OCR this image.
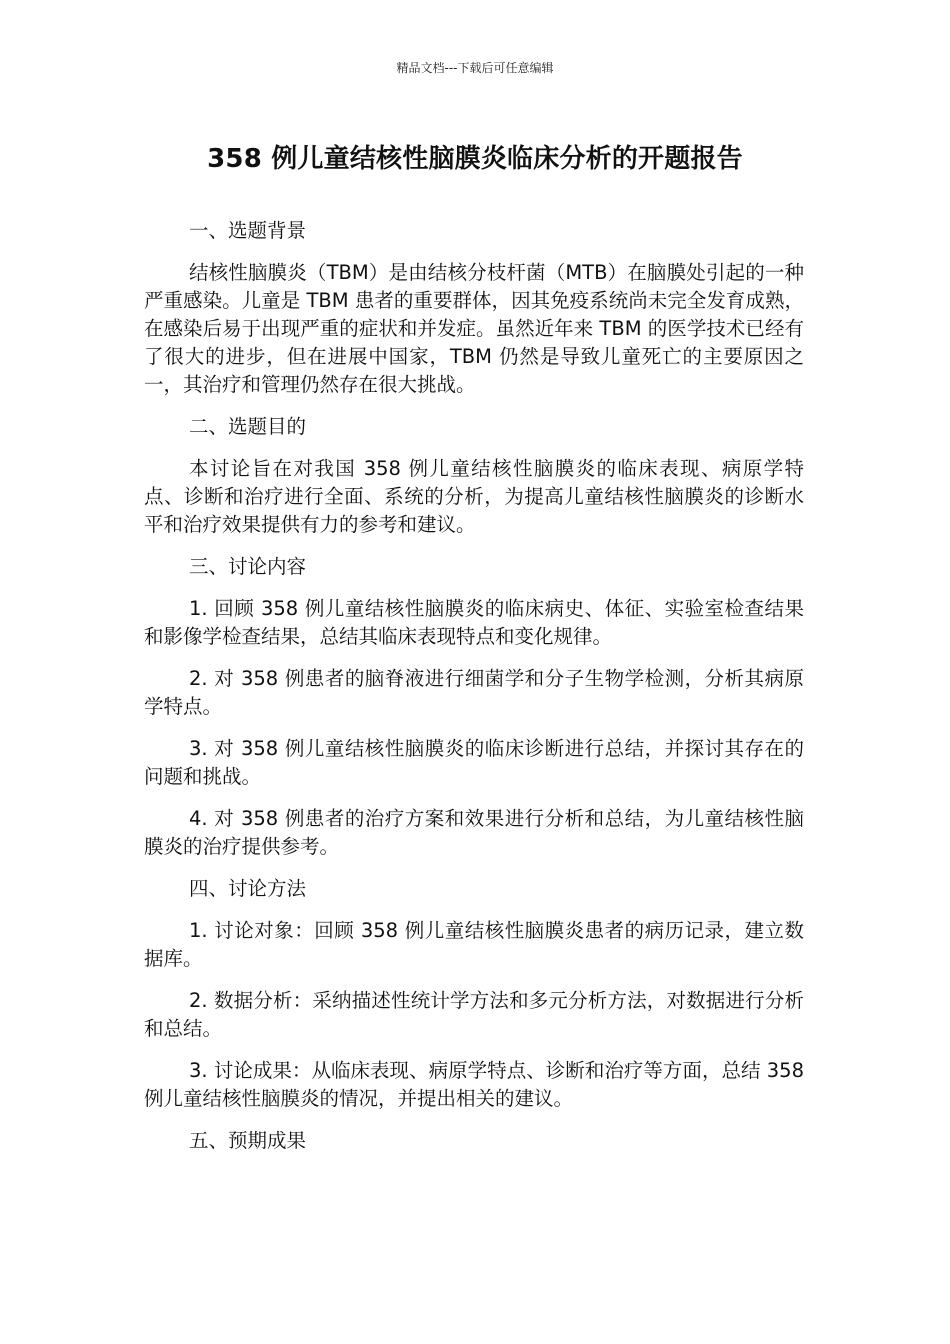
精品文档---下载后可任意编辑
358 例儿童结核性脑膜炎临床分析的开题报告

一、选题背景

结核性脑膜炎（TBM）是由结核分枝杆菌（MTB）在脑膜处引起的一种严重感染。儿童是 TBM 患者的重要群体，因其免疫系统尚未完全发育成熟，在感染后易于出现严重的症状和并发症。虽然近年来 TBM 的医学技术已经有了很大的进步，但在进展中国家，TBM 仍然是导致儿童死亡的主要原因之一，其治疗和管理仍然存在很大挑战。

二、选题目的

本讨论旨在对我国 358 例儿童结核性脑膜炎的临床表现、病原学特点、诊断和治疗进行全面、系统的分析，为提高儿童结核性脑膜炎的诊断水平和治疗效果提供有力的参考和建议。

三、讨论内容

1. 回顾 358 例儿童结核性脑膜炎的临床病史、体征、实验室检查结果和影像学检查结果，总结其临床表现特点和变化规律。

2. 对 358 例患者的脑脊液进行细菌学和分子生物学检测，分析其病原学特点。

3. 对 358 例儿童结核性脑膜炎的临床诊断进行总结，并探讨其存在的问题和挑战。

4. 对 358 例患者的治疗方案和效果进行分析和总结，为儿童结核性脑膜炎的治疗提供参考。

四、讨论方法

1. 讨论对象：回顾 358 例儿童结核性脑膜炎患者的病历记录，建立数据库。

2. 数据分析：采纳描述性统计学方法和多元分析方法，对数据进行分析和总结。

3. 讨论成果：从临床表现、病原学特点、诊断和治疗等方面，总结 358 例儿童结核性脑膜炎的情况，并提出相关的建议。

五、预期成果
